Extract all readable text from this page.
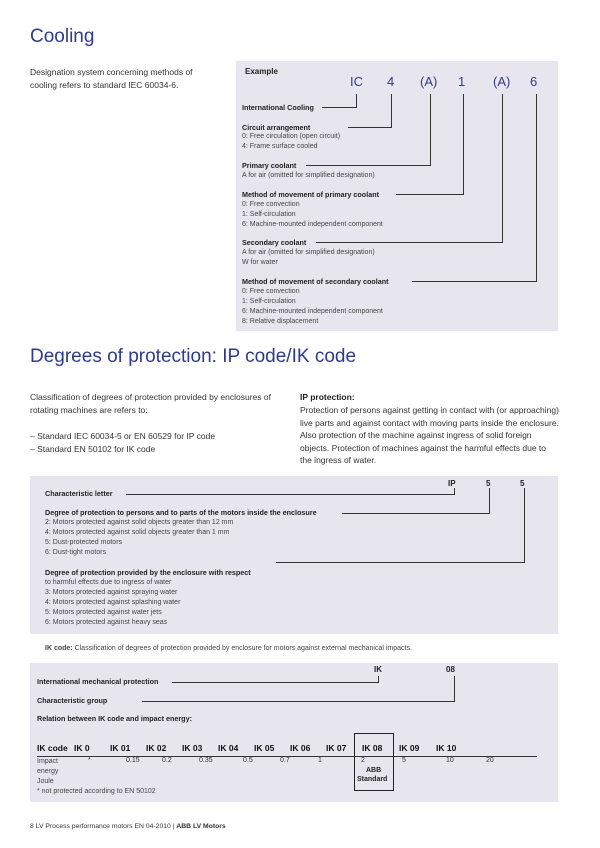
Cooling
Designation system concerning methods of cooling refers to standard IEC 60034-6.
Example
IC 4 (A) 1 (A) 6
International Cooling
Circuit arrangement
0: Free circulation (open circuit)
4: Frame surface cooled
Primary coolant
A for air (omitted for simplified designation)
Method of movement of primary coolant
0: Free convection
1: Self-circulation
6: Machine-mounted independent component
Secondary coolant
A for air (omitted for simplified designation)
W for water
Method of movement of secondary coolant
0: Free convection
1: Self-circulation
6: Machine-mounted independent component
8: Relative displacement
Degrees of protection: IP code/IK code
Classification of degrees of protection provided by enclosures of rotating machines are refers to:
– Standard IEC 60034-5 or EN 60529 for IP code
– Standard EN 50102 for IK code
IP protection:
Protection of persons against getting in contact with (or approaching) live parts and against contact with moving parts inside the enclosure. Also protection of the machine against ingress of solid foreign objects. Protection of machines against the harmful effects due to the ingress of water.
IP	5	5
Characteristic letter
Degree of protection to persons and to parts of the motors inside the enclosure
2: Motors protected against solid objects greater than 12 mm
4: Motors protected against solid objects greater than 1 mm
5: Dust-protected motors
6: Dust-tight motors
Degree of protection provided by the enclosure with respect
to harmful effects due to ingress of water
3: Motors protected against spraying water
4: Motors protected against splashing water
5: Motors protected against water jets
6: Motors protected against heavy seas
IK code: Classification of degrees of protection provided by enclosure for motors against external mechanical impacts.
IK	08
International mechanical protection
Characteristic group
Relation between IK code and impact energy:
IK code IK 0 IK 01 IK 02 IK 03 IK 04 IK 05 IK 06 IK 07 IK 08 IK 09 IK 10
Impact
energy
Joule
*	0.15	0.2	0.35	0.5	0.7	1	2	5	10	20
ABB
Standard
* not protected according to EN 50102
8 LV Process performance motors EN 04-2010 | ABB LV Motors
